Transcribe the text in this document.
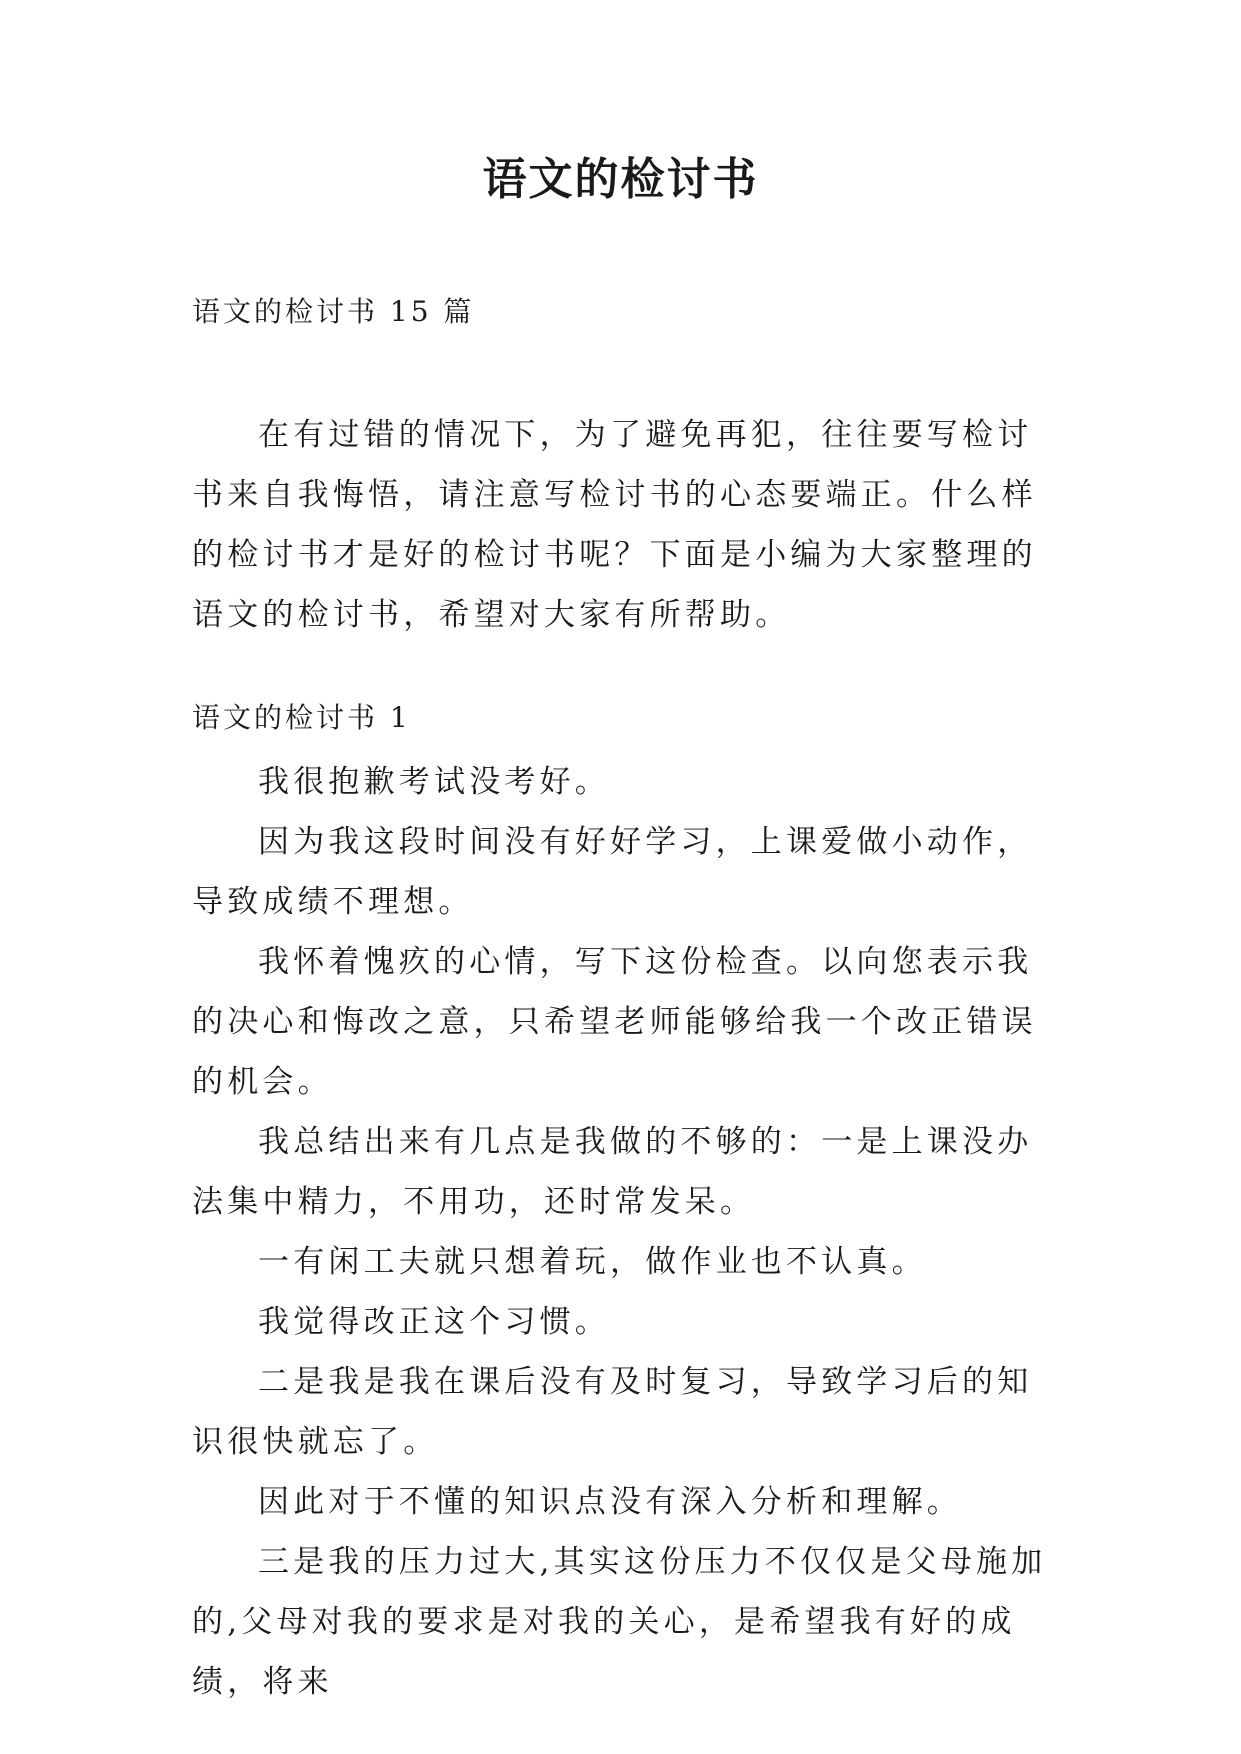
语文的检讨书

语文的检讨书 15 篇

在有过错的情况下，为了避免再犯，往往要写检讨书来自我悔悟，请注意写检讨书的心态要端正。什么样的检讨书才是好的检讨书呢？下面是小编为大家整理的语文的检讨书，希望对大家有所帮助。

语文的检讨书 1

我很抱歉考试没考好。

因为我这段时间没有好好学习，上课爱做小动作，导致成绩不理想。

我怀着愧疚的心情，写下这份检查。以向您表示我的决心和悔改之意，只希望老师能够给我一个改正错误的机会。

我总结出来有几点是我做的不够的：一是上课没办法集中精力，不用功，还时常发呆。

一有闲工夫就只想着玩，做作业也不认真。

我觉得改正这个习惯。

二是我是我在课后没有及时复习，导致学习后的知识很快就忘了。

因此对于不懂的知识点没有深入分析和理解。

三是我的压力过大,其实这份压力不仅仅是父母施加的,父母对我的要求是对我的关心，是希望我有好的成绩，将来
